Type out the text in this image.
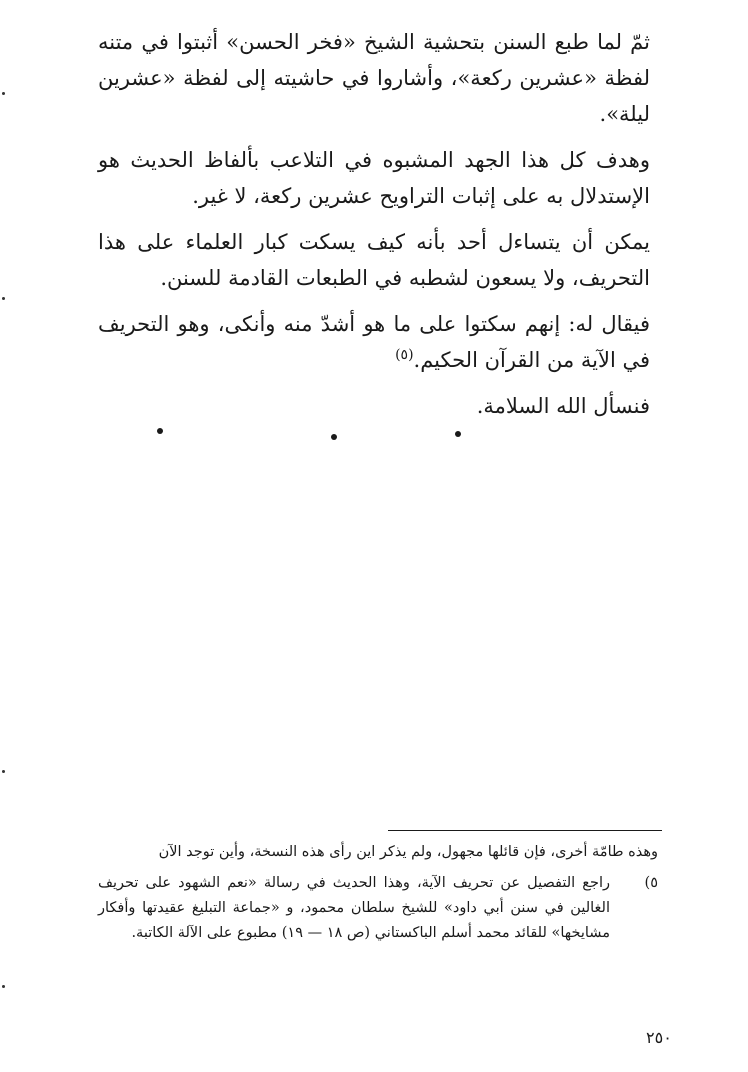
ثمّ لما طبع السنن بتحشية الشيخ «فخر الحسن» أثبتوا في متنه لفظة «عشرين ركعة»، وأشاروا في حاشيته إلى لفظة «عشرين ليلة».

وهدف كل هذا الجهد المشبوه في التلاعب بألفاظ الحديث هو الإستدلال به على إثبات التراويح عشرين ركعة، لا غير.

يمكن أن يتساءل أحد بأنه كيف يسكت كبار العلماء على هذا التحريف، ولا يسعون لشطبه في الطبعات القادمة للسنن.

فيقال له: إنهم سكتوا على ما هو أشدّ منه وأنكى، وهو التحريف في الآية من القرآن الحكيم.$^{(٥)}$

فنسأل الله السلامة.

وهذه طامّة أخرى، فإن قائلها مجهول، ولم يذكر اين رأى هذه النسخة، وأين توجد الآن

٥)
راجع التفصيل عن تحريف الآية، وهذا الحديث في رسالة «نعم الشهود على تحريف الغالين في سنن أبي داود» للشيخ سلطان محمود، و «جماعة التبليغ عقيدتها وأفكار مشايخها» للقائد محمد أسلم الباكستاني (ص ١٨ — ١٩) مطبوع على الآلة الكاتبة.
٢٥٠
